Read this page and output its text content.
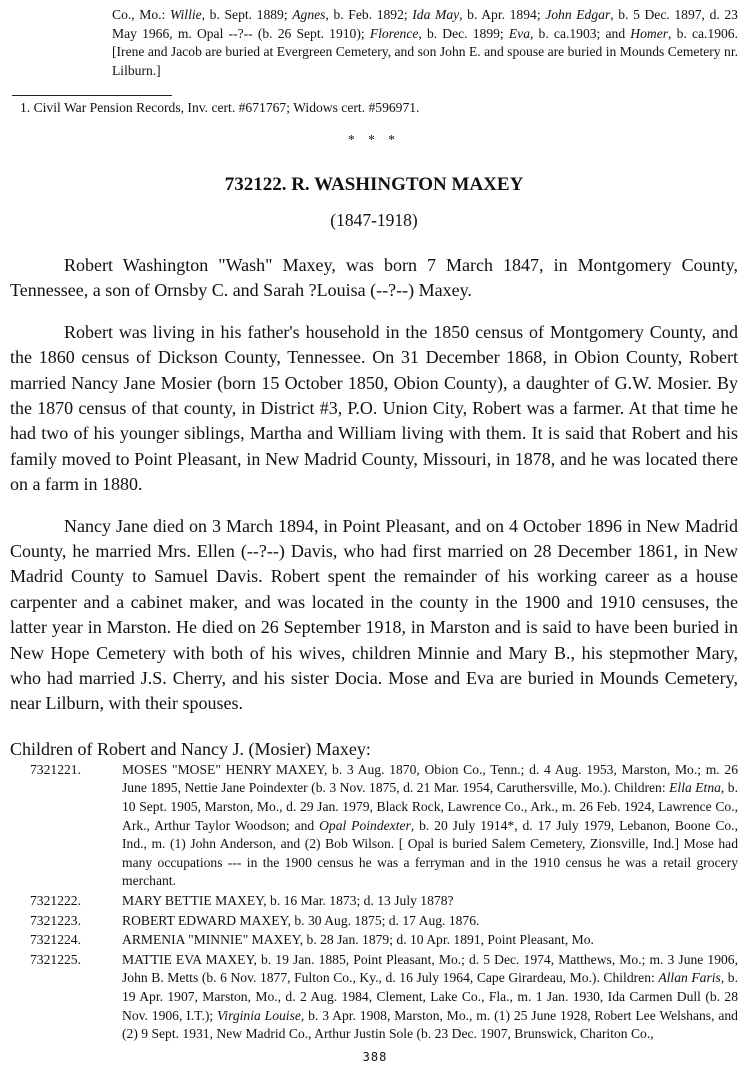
Co., Mo.: Willie, b. Sept. 1889; Agnes, b. Feb. 1892; Ida May, b. Apr. 1894; John Edgar, b. 5 Dec. 1897, d. 23 May 1966, m. Opal --?-- (b. 26 Sept. 1910); Florence, b. Dec. 1899; Eva, b. ca.1903; and Homer, b. ca.1906. [Irene and Jacob are buried at Evergreen Cemetery, and son John E. and spouse are buried in Mounds Cemetery nr. Lilburn.]
1. Civil War Pension Records, Inv. cert. #671767; Widows cert. #596971.
* * *
732122. R. WASHINGTON MAXEY
(1847-1918)

Robert Washington "Wash" Maxey, was born 7 March 1847, in Montgomery County, Tennessee, a son of Ornsby C. and Sarah ?Louisa (--?--) Maxey.

Robert was living in his father's household in the 1850 census of Montgomery County, and the 1860 census of Dickson County, Tennessee. On 31 December 1868, in Obion County, Robert married Nancy Jane Mosier (born 15 October 1850, Obion County), a daughter of G.W. Mosier. By the 1870 census of that county, in District #3, P.O. Union City, Robert was a farmer. At that time he had two of his younger siblings, Martha and William living with them. It is said that Robert and his family moved to Point Pleasant, in New Madrid County, Missouri, in 1878, and he was located there on a farm in 1880.

Nancy Jane died on 3 March 1894, in Point Pleasant, and on 4 October 1896 in New Madrid County, he married Mrs. Ellen (--?--) Davis, who had first married on 28 December 1861, in New Madrid County to Samuel Davis. Robert spent the remainder of his working career as a house carpenter and a cabinet maker, and was located in the county in the 1900 and 1910 censuses, the latter year in Marston. He died on 26 September 1918, in Marston and is said to have been buried in New Hope Cemetery with both of his wives, children Minnie and Mary B., his stepmother Mary, who had married J.S. Cherry, and his sister Docia. Mose and Eva are buried in Mounds Cemetery, near Lilburn, with their spouses.

Children of Robert and Nancy J. (Mosier) Maxey:
7321221.	MOSES "MOSE" HENRY MAXEY, b. 3 Aug. 1870, Obion Co., Tenn.; d. 4 Aug. 1953, Marston, Mo.; m. 26 June 1895, Nettie Jane Poindexter (b. 3 Nov. 1875, d. 21 Mar. 1954, Caruthersville, Mo.). Children: Ella Etna, b. 10 Sept. 1905, Marston, Mo., d. 29 Jan. 1979, Black Rock, Lawrence Co., Ark., m. 26 Feb. 1924, Lawrence Co., Ark., Arthur Taylor Woodson; and Opal Poindexter, b. 20 July 1914*, d. 17 July 1979, Lebanon, Boone Co., Ind., m. (1) John Anderson, and (2) Bob Wilson. [ Opal is buried Salem Cemetery, Zionsville, Ind.] Mose had many occupations --- in the 1900 census he was a ferryman and in the 1910 census he was a retail grocery merchant.
7321222.	MARY BETTIE MAXEY, b. 16 Mar. 1873; d. 13 July 1878?
7321223.	ROBERT EDWARD MAXEY, b. 30 Aug. 1875; d. 17 Aug. 1876.
7321224.	ARMENIA "MINNIE" MAXEY, b. 28 Jan. 1879; d. 10 Apr. 1891, Point Pleasant, Mo.
7321225.	MATTIE EVA MAXEY, b. 19 Jan. 1885, Point Pleasant, Mo.; d. 5 Dec. 1974, Matthews, Mo.; m. 3 June 1906, John B. Metts (b. 6 Nov. 1877, Fulton Co., Ky., d. 16 July 1964, Cape Girardeau, Mo.). Children: Allan Faris, b. 19 Apr. 1907, Marston, Mo., d. 2 Aug. 1984, Clement, Lake Co., Fla., m. 1 Jan. 1930, Ida Carmen Dull (b. 28 Nov. 1906, I.T.); Virginia Louise, b. 3 Apr. 1908, Marston, Mo., m. (1) 25 June 1928, Robert Lee Welshans, and (2) 9 Sept. 1931, New Madrid Co., Arthur Justin Sole (b. 23 Dec. 1907, Brunswick, Chariton Co.,
388
